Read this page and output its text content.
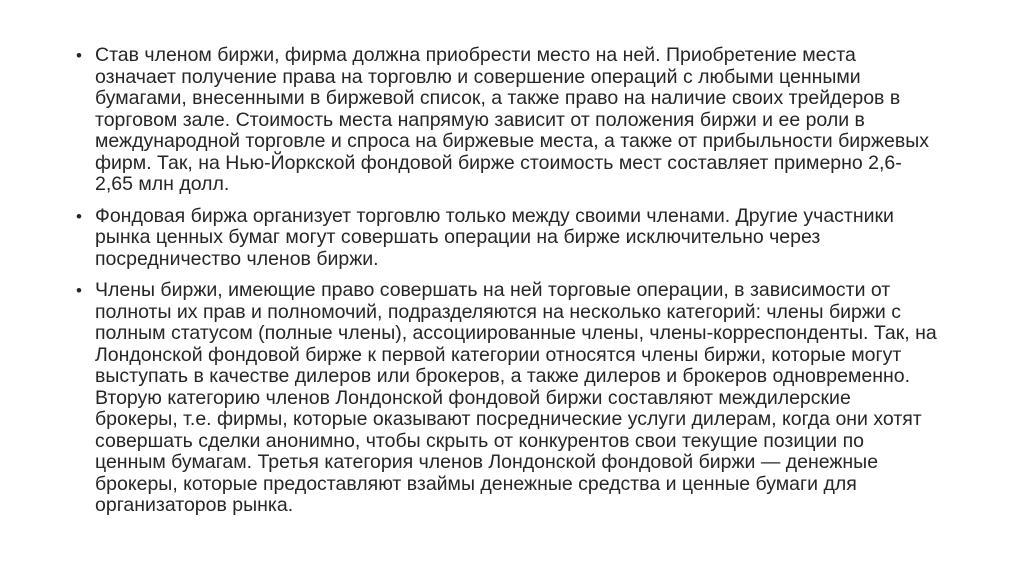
• Став членом биржи, фирма должна приобрести место на ней. Приобретение места означает получение права на торговлю и совершение операций с любыми ценными бумагами, внесенными в биржевой список, а также право на наличие своих трейдеров в торговом зале. Стоимость места напрямую зависит от положения биржи и ее роли в международной торговле и спроса на биржевые места, а также от прибыльности биржевых фирм. Так, на Нью-Йоркской фондовой бирже стоимость мест составляет примерно 2,6-2,65 млн долл.
• Фондовая биржа организует торговлю только между своими членами. Другие участники рынка ценных бумаг могут совершать операции на бирже исключительно через посредничество членов биржи.
• Члены биржи, имеющие право совершать на ней торговые операции, в зависимости от полноты их прав и полномочий, подразделяются на несколько категорий: члены биржи с полным статусом (полные члены), ассоциированные члены, члены-корреспонденты. Так, на Лондонской фондовой бирже к первой категории относятся члены биржи, которые могут выступать в качестве дилеров или брокеров, а также дилеров и брокеров одновременно. Вторую категорию членов Лондонской фондовой биржи составляют междилерские брокеры, т.е. фирмы, которые оказывают посреднические услуги дилерам, когда они хотят совершать сделки анонимно, чтобы скрыть от конкурентов свои текущие позиции по ценным бумагам. Третья категория членов Лондонской фондовой биржи — денежные брокеры, которые предоставляют взаймы денежные средства и ценные бумаги для организаторов рынка.
